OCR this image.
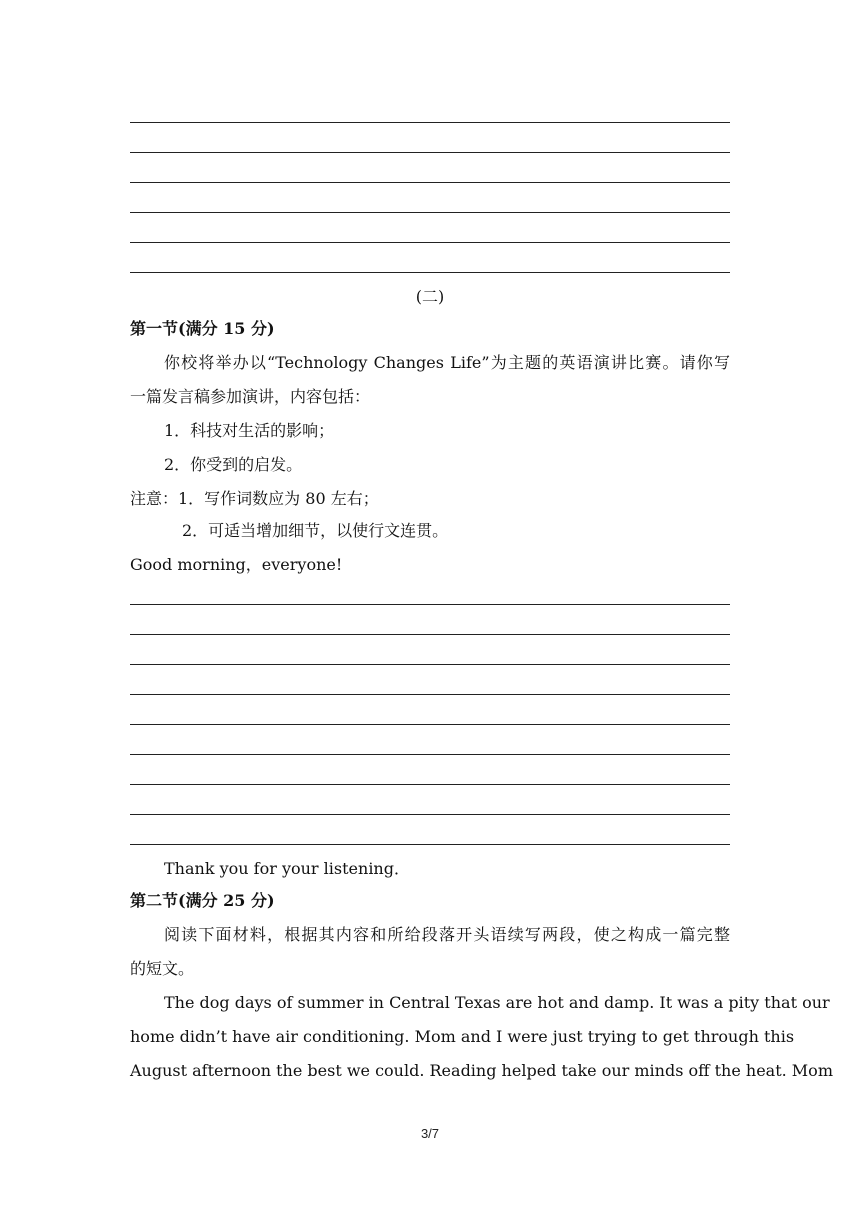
(二)
第一节(满分 15 分)
你校将举办以“Technology Changes Life”为主题的英语演讲比赛。请你写
一篇发言稿参加演讲，内容包括：
1．科技对生活的影响；
2．你受到的启发。
注意：1．写作词数应为 80 左右；
2．可适当增加细节，以使行文连贯。
Good morning，everyone!
Thank you for your listening．
第二节(满分 25 分)
阅读下面材料，根据其内容和所给段落开头语续写两段，使之构成一篇完整
的短文。
The dog days of summer in Central Texas are hot and damp. It was a pity that our
home didn’t have air conditioning. Mom and I were just trying to get through this
August afternoon the best we could. Reading helped take our minds off the heat. Mom
3/7
